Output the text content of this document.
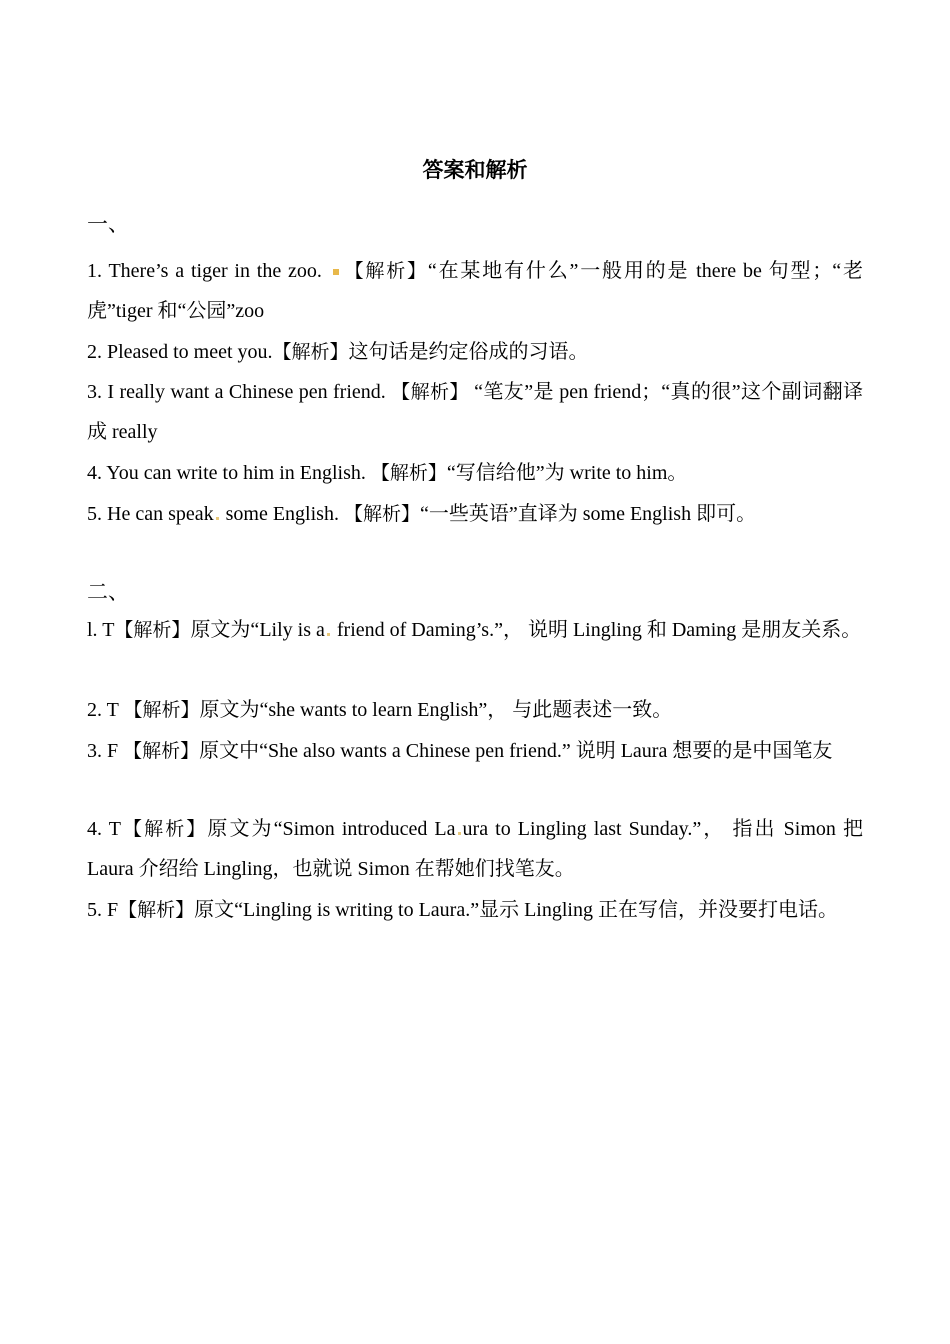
答案和解析
一、
1. There’s a tiger in the zoo. 【解析】“在某地有什么”一般用的是 there be 句型；“老虎”tiger 和“公园”zoo
2. Pleased to meet you.【解析】这句话是约定俗成的习语。
3. I really want a Chinese pen friend. 【解析】 “笔友”是 pen friend；“真的很”这个副词翻译成 really
4. You can write to him in English. 【解析】“写信给他”为 write to him。
5. He can speak some English. 【解析】“一些英语”直译为 some English 即可。
二、
l. T【解析】原文为“Lily is a friend of Daming’s.”， 说明 Lingling 和 Daming 是朋友关系。
2. T 【解析】原文为“she wants to learn English”， 与此题表述一致。
3. F 【解析】原文中“She also wants a Chinese pen friend.” 说明 Laura 想要的是中国笔友
4. T【解析】原文为“Simon introduced La ura to Lingling last Sunday.”， 指出 Simon 把 Laura 介绍给 Lingling，也就说 Simon 在帮她们找笔友。
5. F【解析】原文“Lingling is writing to Laura.”显示 Lingling 正在写信，并没要打电话。
